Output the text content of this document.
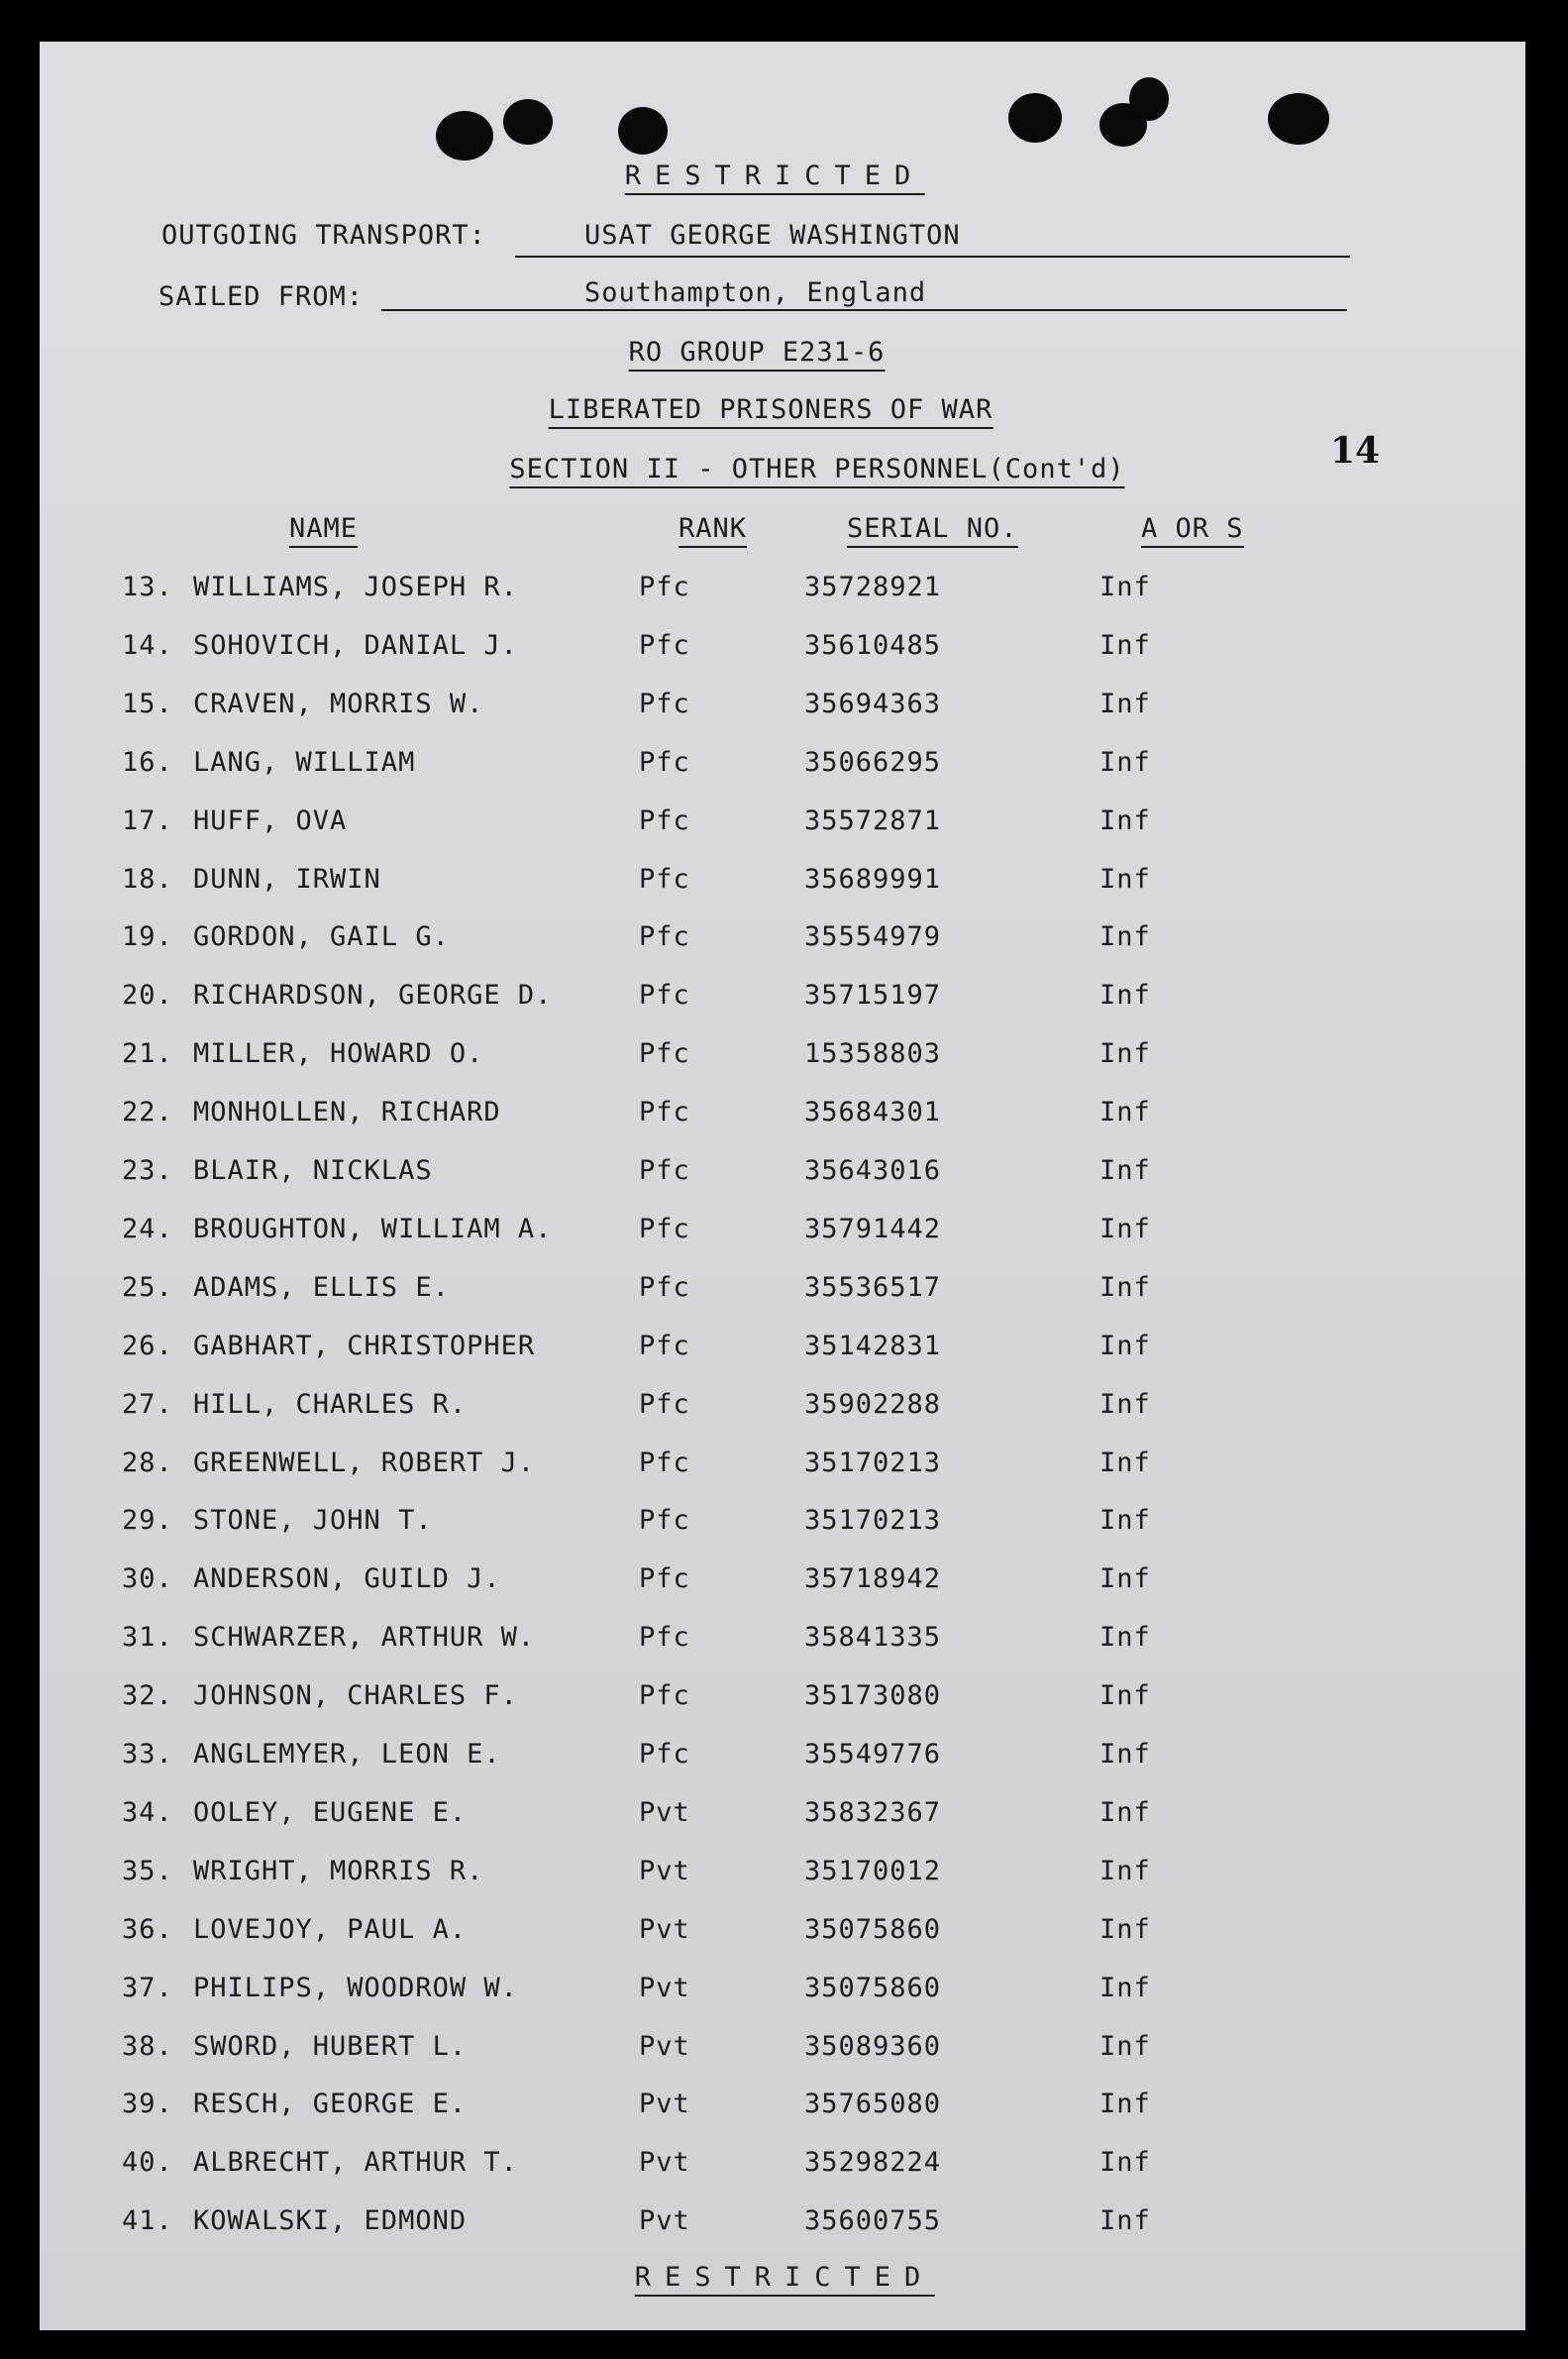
RESTRICTED
OUTGOING TRANSPORT:	USAT GEORGE WASHINGTON
SAILED FROM:	Southampton, England
RO GROUP E231-6
LIBERATED PRISONERS OF WAR
SECTION II - OTHER PERSONNEL(Cont'd)	14
NAME	RANK	SERIAL NO.	A OR S
13. WILLIAMS, JOSEPH R.	Pfc	35728921	Inf
14. SOHOVICH, DANIAL J.	Pfc	35610485	Inf
15. CRAVEN, MORRIS W.	Pfc	35694363	Inf
16. LANG, WILLIAM	Pfc	35066295	Inf
17. HUFF, OVA	Pfc	35572871	Inf
18. DUNN, IRWIN	Pfc	35689991	Inf
19. GORDON, GAIL G.	Pfc	35554979	Inf
20. RICHARDSON, GEORGE D.	Pfc	35715197	Inf
21. MILLER, HOWARD O.	Pfc	15358803	Inf
22. MONHOLLEN, RICHARD	Pfc	35684301	Inf
23. BLAIR, NICKLAS	Pfc	35643016	Inf
24. BROUGHTON, WILLIAM A.	Pfc	35791442	Inf
25. ADAMS, ELLIS E.	Pfc	35536517	Inf
26. GABHART, CHRISTOPHER	Pfc	35142831	Inf
27. HILL, CHARLES R.	Pfc	35902288	Inf
28. GREENWELL, ROBERT J.	Pfc	35170213	Inf
29. STONE, JOHN T.	Pfc	35170213	Inf
30. ANDERSON, GUILD J.	Pfc	35718942	Inf
31. SCHWARZER, ARTHUR W.	Pfc	35841335	Inf
32. JOHNSON, CHARLES F.	Pfc	35173080	Inf
33. ANGLEMYER, LEON E.	Pfc	35549776	Inf
34. OOLEY, EUGENE E.	Pvt	35832367	Inf
35. WRIGHT, MORRIS R.	Pvt	35170012	Inf
36. LOVEJOY, PAUL A.	Pvt	35075860	Inf
37. PHILIPS, WOODROW W.	Pvt	35075860	Inf
38. SWORD, HUBERT L.	Pvt	35089360	Inf
39. RESCH, GEORGE E.	Pvt	35765080	Inf
40. ALBRECHT, ARTHUR T.	Pvt	35298224	Inf
41. KOWALSKI, EDMOND	Pvt	35600755	Inf
RESTRICTED
